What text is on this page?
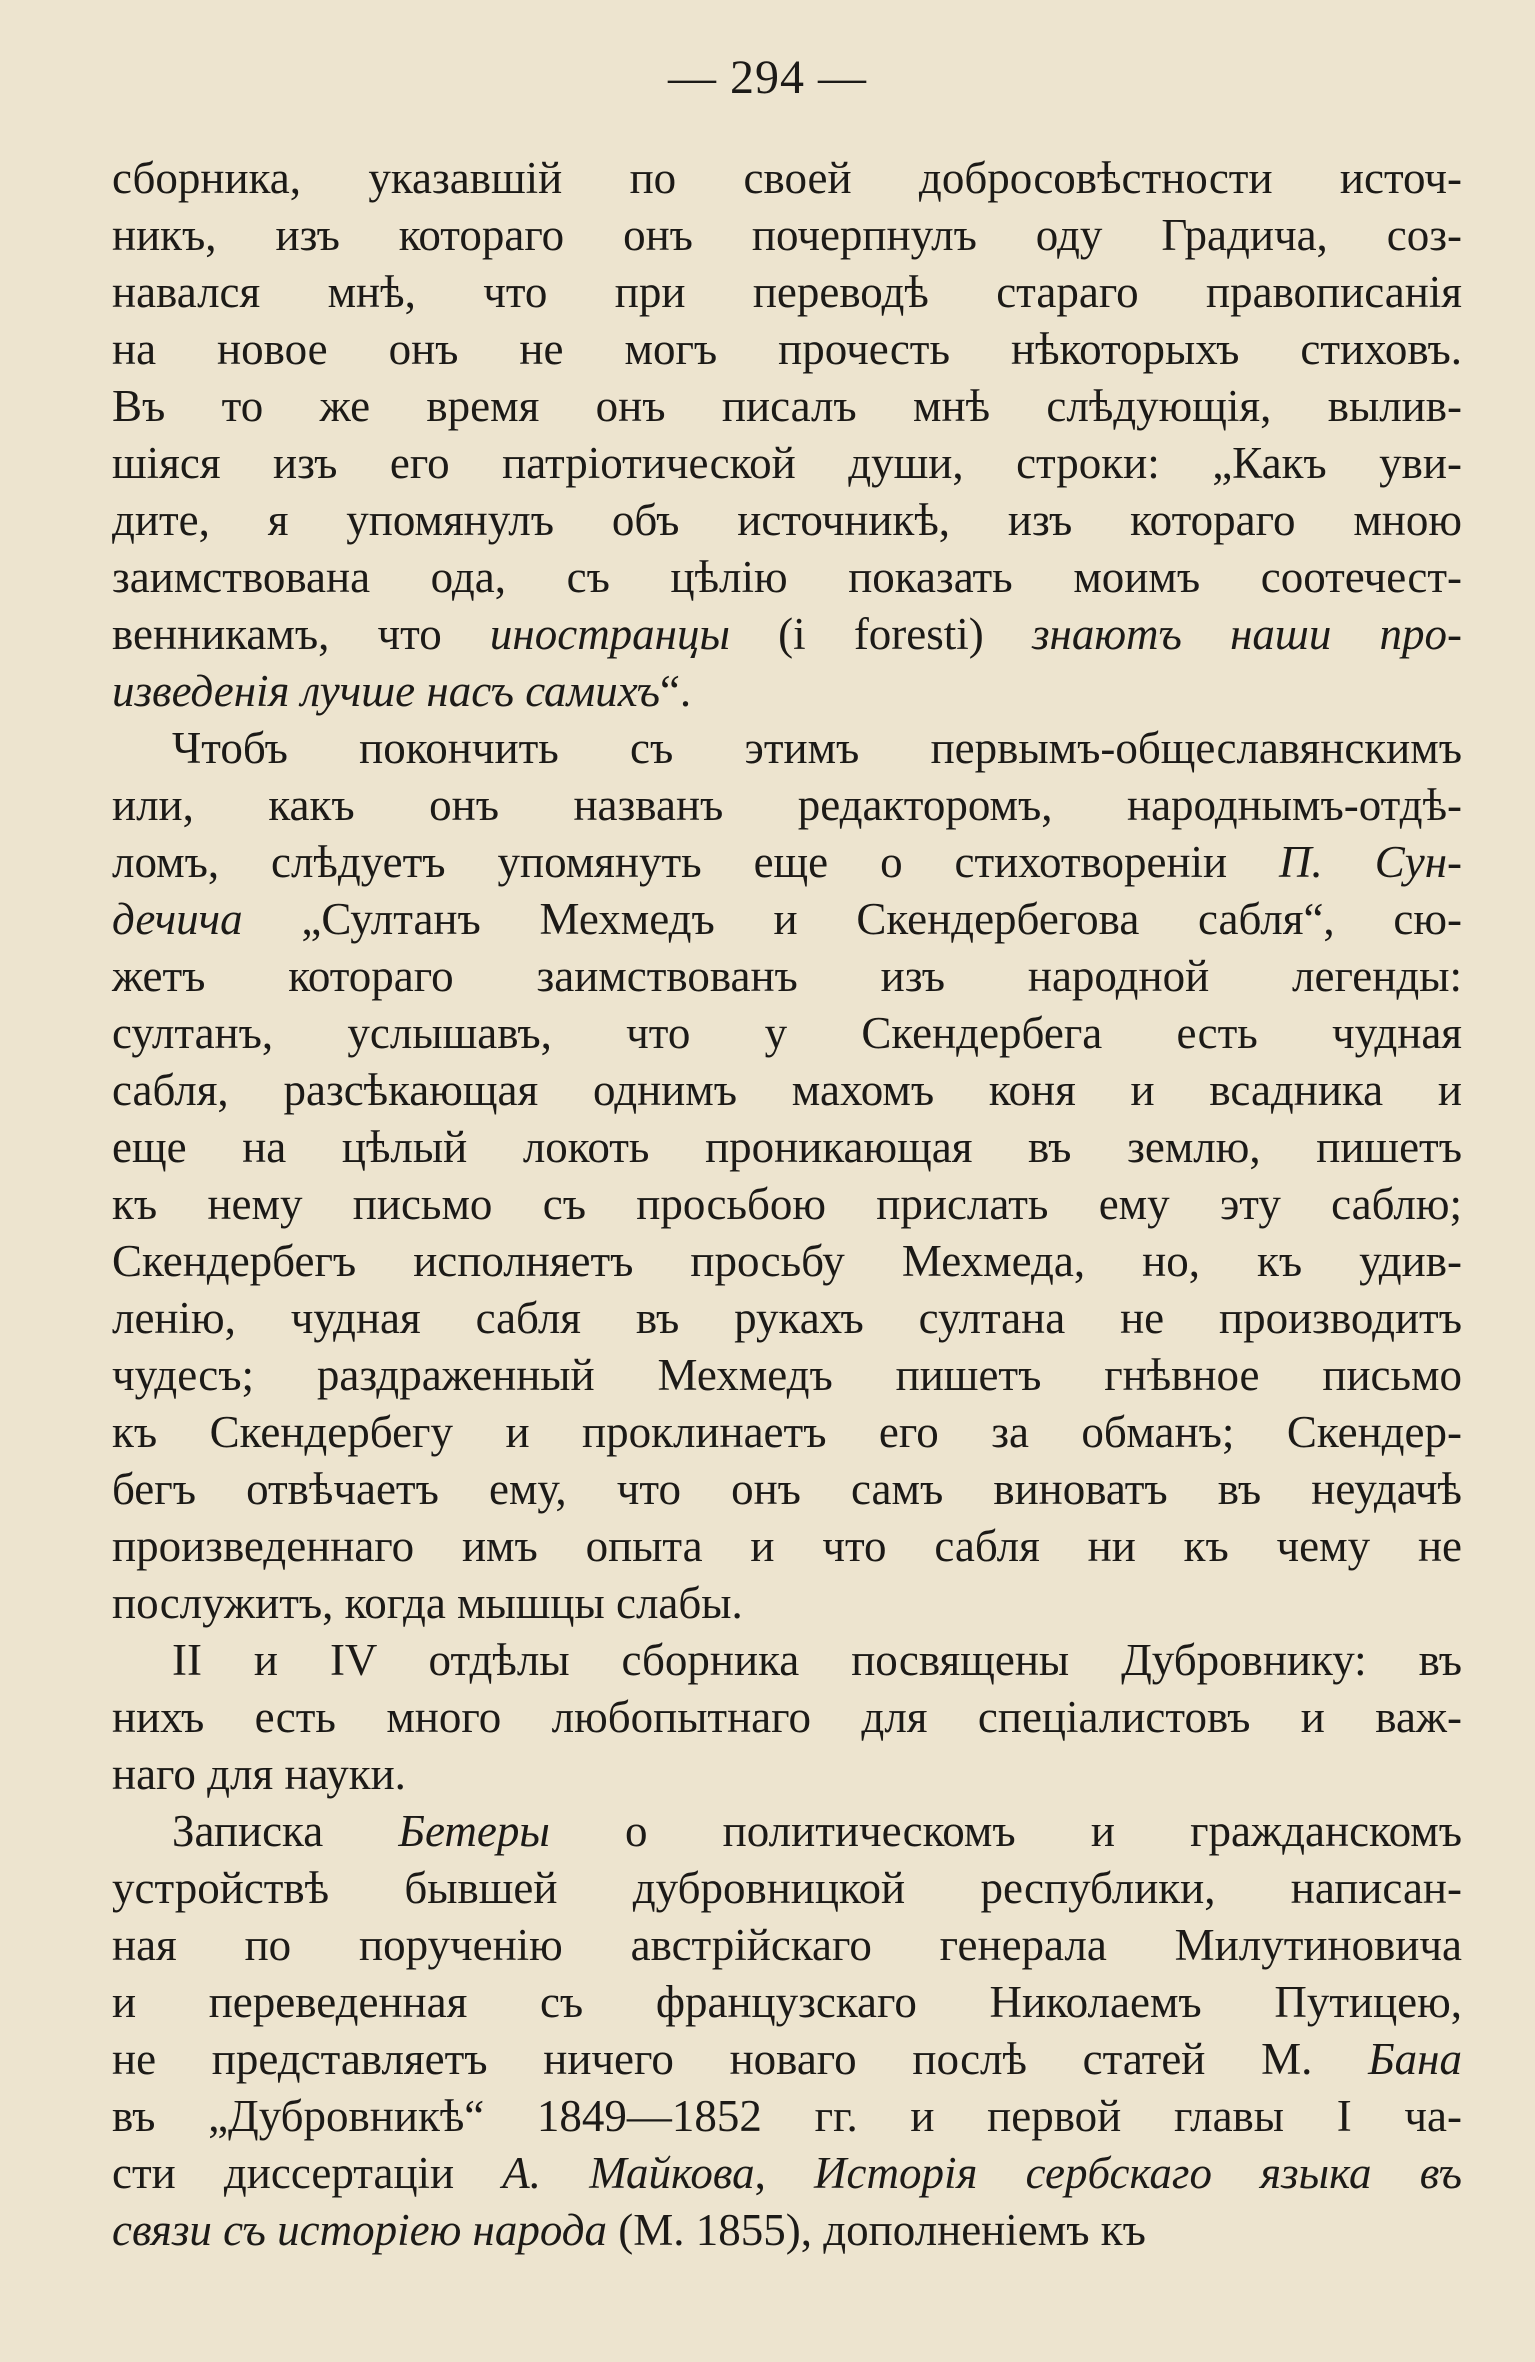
— 294 —
сборника, указавшій по своей добросовѣстности источ-
никъ, изъ котораго онъ почерпнулъ оду Градича, соз-
навался мнѣ, что при переводѣ стараго правописанія
на новое онъ не могъ прочесть нѣкоторыхъ стиховъ.
Въ то же время онъ писалъ мнѣ слѣдующія, вылив-
шіяся изъ его патріотической души, строки: „Какъ уви-
дите, я упомянулъ объ источникѣ, изъ котораго мною
заимствована ода, съ цѣлію показать моимъ соотечест-
венникамъ, что иностранцы (i foresti) знаютъ наши про-
изведенія лучше насъ самихъ“.
Чтобъ покончить съ этимъ первымъ-общеславянскимъ
или, какъ онъ названъ редакторомъ, народнымъ-отдѣ-
ломъ, слѣдуетъ упомянуть еще о стихотвореніи П. Сун-
дечича „Султанъ Мехмедъ и Скендербегова сабля“, сю-
жетъ котораго заимствованъ изъ народной легенды:
султанъ, услышавъ, что у Скендербега есть чудная
сабля, разсѣкающая однимъ махомъ коня и всадника и
еще на цѣлый локоть проникающая въ землю, пишетъ
къ нему письмо съ просьбою прислать ему эту саблю;
Скендербегъ исполняетъ просьбу Мехмеда, но, къ удив-
ленію, чудная сабля въ рукахъ султана не производитъ
чудесъ; раздраженный Мехмедъ пишетъ гнѣвное письмо
къ Скендербегу и проклинаетъ его за обманъ; Скендер-
бегъ отвѣчаетъ ему, что онъ самъ виноватъ въ неудачѣ
произведеннаго имъ опыта и что сабля ни къ чему не
послужитъ, когда мышцы слабы.
II и IV отдѣлы сборника посвящены Дубровнику: въ
нихъ есть много любопытнаго для спеціалистовъ и важ-
наго для науки.
Записка Бетеры о политическомъ и гражданскомъ
устройствѣ бывшей дубровницкой республики, написан-
ная по порученію австрійскаго генерала Милутиновича
и переведенная съ французскаго Николаемъ Путицею,
не представляетъ ничего новаго послѣ статей М. Бана
въ „Дубровникѣ“ 1849—1852 гг. и первой главы I ча-
сти диссертаціи А. Майкова, Исторія сербскаго языка въ
связи съ исторіею народа (М. 1855), дополненіемъ къ
